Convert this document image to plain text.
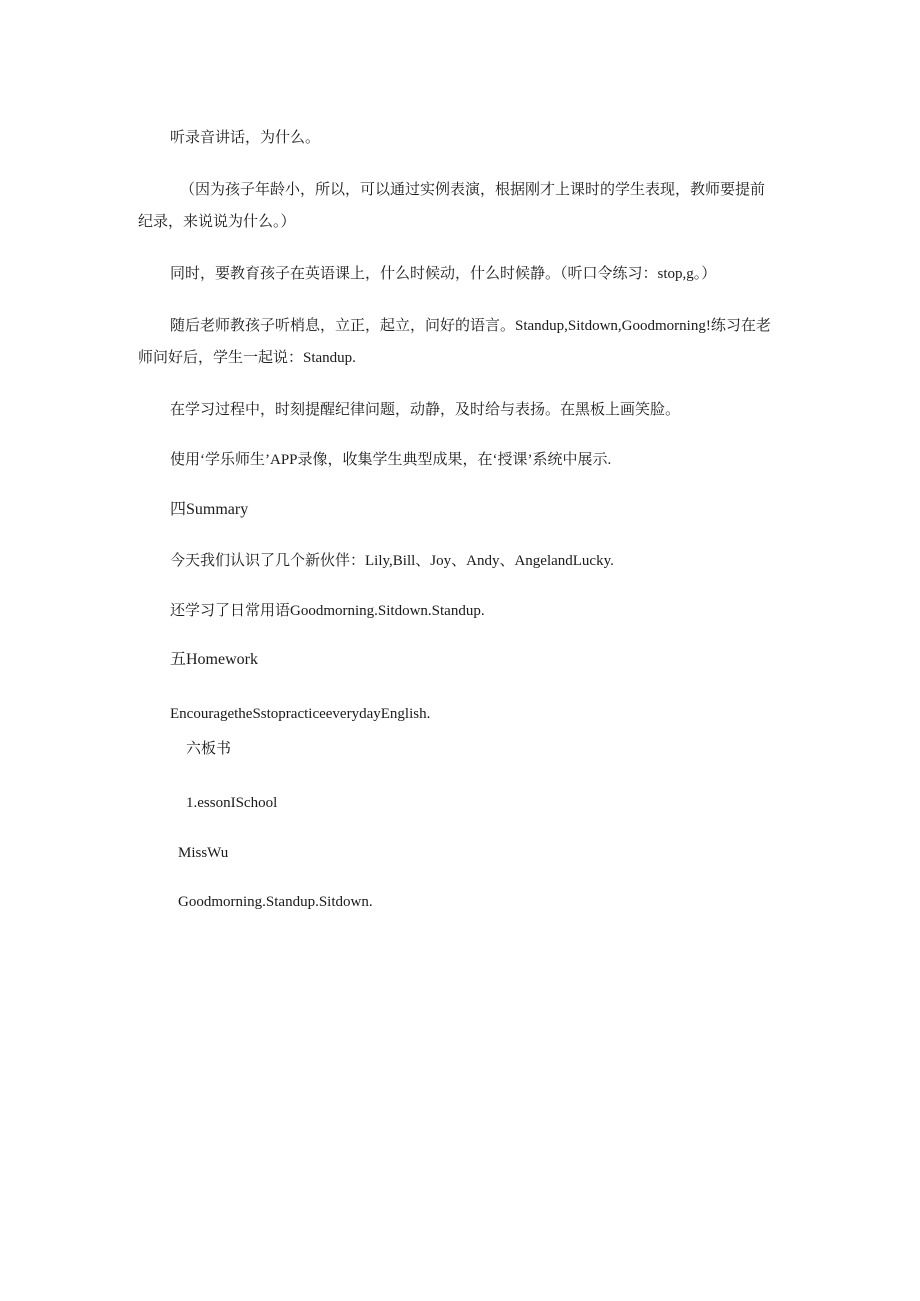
听录音讲话，为什么。
（因为孩子年龄小，所以，可以通过实例表演，根据刚才上课时的学生表现，教师要提前
纪录，来说说为什么。）
同时，要教育孩子在英语课上，什么时候动，什么时候静。（听口令练习：stop,g。）
随后老师教孩子听梢息，立正，起立，问好的语言。Standup,Sitdown,Goodmorning!练习在老
师问好后，学生一起说：Standup.
在学习过程中，时刻提醒纪律问题，动静，及时给与表扬。在黑板上画笑脸。
使用‘学乐师生’APP录像，收集学生典型成果，在‘授课’系统中展示.
四Summary
今天我们认识了几个新伙伴：Lily,Bill、Joy、Andy、AngelandLucky.
还学习了日常用语Goodmorning.Sitdown.Standup.
五Homework
EncouragetheSstopracticeeverydayEnglish.
六板书
1.essonISchool
MissWu
Goodmorning.Standup.Sitdown.
